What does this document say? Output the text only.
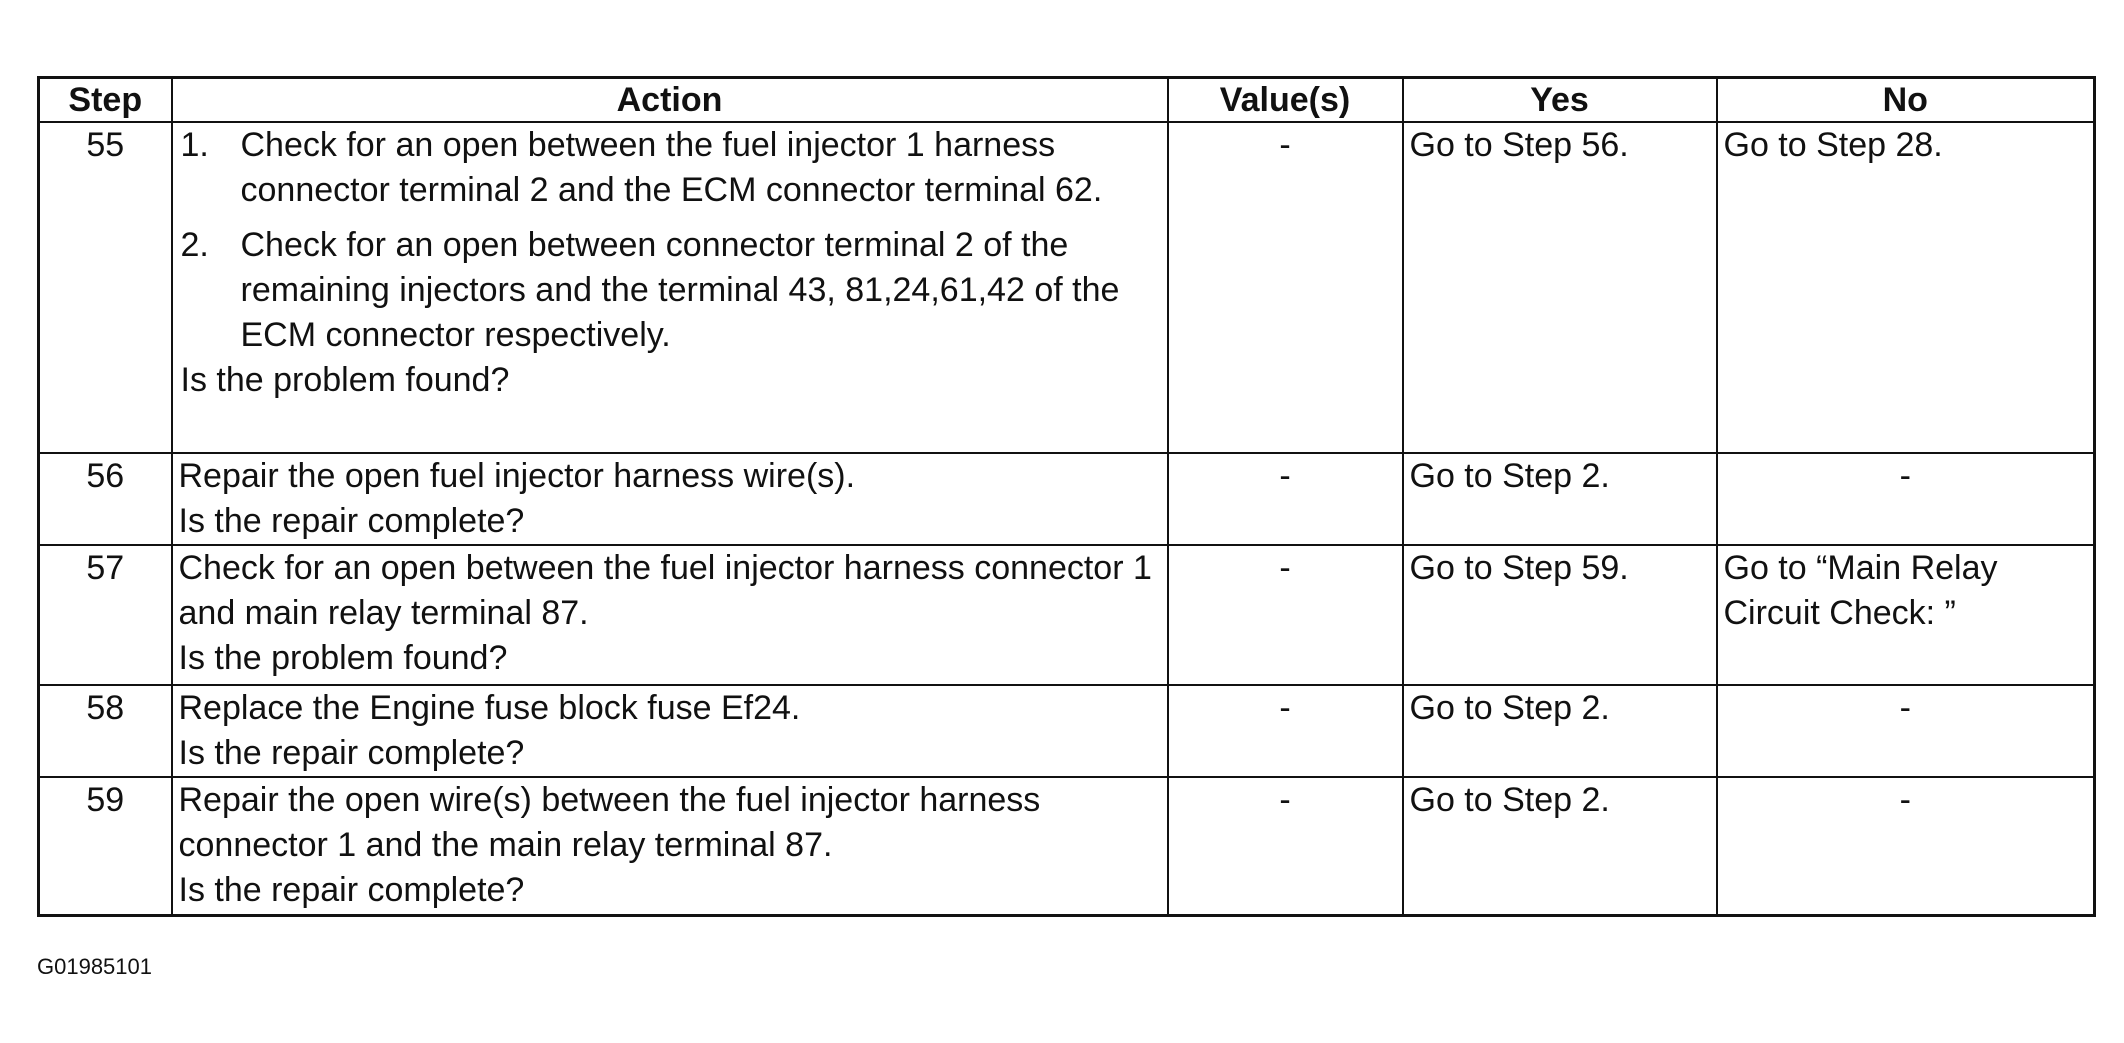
Step	Action	Value(s)	Yes	No
55	1. Check for an open between the fuel injector 1 harness connector terminal 2 and the ECM connector terminal 62.
2. Check for an open between connector terminal 2 of the remaining injectors and the terminal 43, 81,24,61,42 of the ECM connector respectively.
Is the problem found?	-	Go to Step 56.	Go to Step 28.
56	Repair the open fuel injector harness wire(s).
Is the repair complete?	-	Go to Step 2.	-
57	Check for an open between the fuel injector harness connector 1 and main relay terminal 87.
Is the problem found?	-	Go to Step 59.	Go to “Main Relay Circuit Check: ”
58	Replace the Engine fuse block fuse Ef24.
Is the repair complete?	-	Go to Step 2.	-
59	Repair the open wire(s) between the fuel injector harness connector 1 and the main relay terminal 87.
Is the repair complete?	-	Go to Step 2.	-
G01985101
